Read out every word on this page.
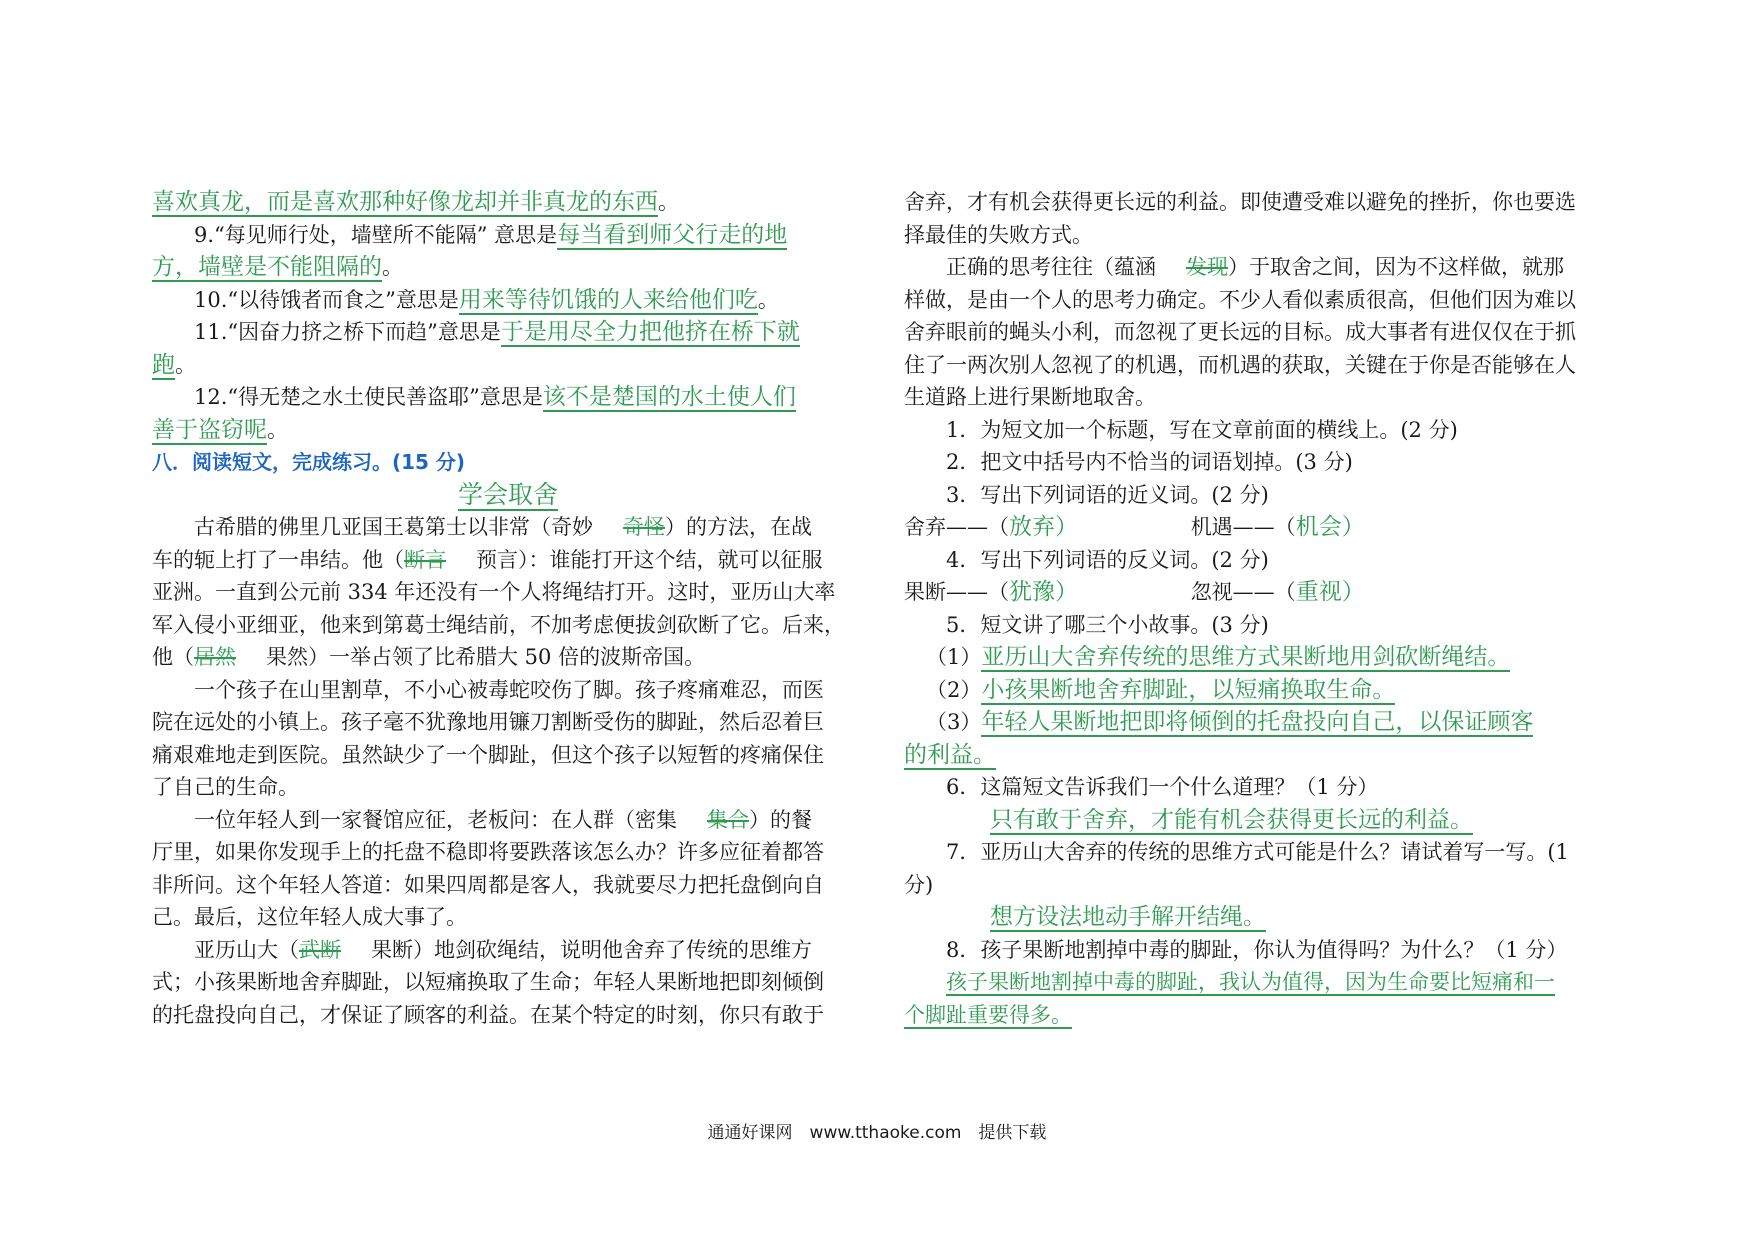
喜欢真龙，而是喜欢那种好像龙却并非真龙的东西。
9.“每见师行处，墙壁所不能隔” 意思是每当看到师父行走的地
方，墙壁是不能阻隔的。
10.“以待饿者而食之”意思是用来等待饥饿的人来给他们吃。
11.“因奋力挤之桥下而趋”意思是于是用尽全力把他挤在桥下就
跑。
12.“得无楚之水土使民善盗耶”意思是该不是楚国的水土使人们
善于盗窃呢。
八．阅读短文，完成练习。(15 分)
学会取舍
古希腊的佛里几亚国王葛第士以非常（奇妙 奇怪）的方法，在战
车的轭上打了一串结。他（断言 预言）：谁能打开这个结，就可以征服
亚洲。一直到公元前 334 年还没有一个人将绳结打开。这时，亚历山大率
军入侵小亚细亚，他来到第葛士绳结前，不加考虑便拔剑砍断了它。后来，
他（居然 果然）一举占领了比希腊大 50 倍的波斯帝国。
一个孩子在山里割草，不小心被毒蛇咬伤了脚。孩子疼痛难忍，而医
院在远处的小镇上。孩子毫不犹豫地用镰刀割断受伤的脚趾，然后忍着巨
痛艰难地走到医院。虽然缺少了一个脚趾，但这个孩子以短暂的疼痛保住
了自己的生命。
一位年轻人到一家餐馆应征，老板问：在人群（密集 集合）的餐
厅里，如果你发现手上的托盘不稳即将要跌落该怎么办？许多应征着都答
非所问。这个年轻人答道：如果四周都是客人，我就要尽力把托盘倒向自
己。最后，这位年轻人成大事了。
亚历山大（武断 果断）地剑砍绳结，说明他舍弃了传统的思维方
式；小孩果断地舍弃脚趾，以短痛换取了生命；年轻人果断地把即刻倾倒
的托盘投向自己，才保证了顾客的利益。在某个特定的时刻，你只有敢于
舍弃，才有机会获得更长远的利益。即使遭受难以避免的挫折，你也要选
择最佳的失败方式。
正确的思考往往（蕴涵 发现）于取舍之间，因为不这样做，就那
样做，是由一个人的思考力确定。不少人看似素质很高，但他们因为难以
舍弃眼前的蝇头小利，而忽视了更长远的目标。成大事者有进仅仅在于抓
住了一两次别人忽视了的机遇，而机遇的获取，关键在于你是否能够在人
生道路上进行果断地取舍。
1．为短文加一个标题，写在文章前面的横线上。(2 分)
2．把文中括号内不恰当的词语划掉。(3 分)
3．写出下列词语的近义词。(2 分)
舍弃——（放弃）	机遇——（机会）
4．写出下列词语的反义词。(2 分)
果断——（犹豫）	忽视——（重视）
5．短文讲了哪三个小故事。(3 分)
（1）亚历山大舍弃传统的思维方式果断地用剑砍断绳结。
（2）小孩果断地舍弃脚趾，以短痛换取生命。
（3）年轻人果断地把即将倾倒的托盘投向自己，以保证顾客
的利益。
6．这篇短文告诉我们一个什么道理？（1 分）
只有敢于舍弃，才能有机会获得更长远的利益。
7．亚历山大舍弃的传统的思维方式可能是什么？请试着写一写。(1
分)
想方设法地动手解开结绳。
8．孩子果断地割掉中毒的脚趾，你认为值得吗？为什么？（1 分）
孩子果断地割掉中毒的脚趾，我认为值得，因为生命要比短痛和一
个脚趾重要得多。
通通好课网　www.tthaoke.com　提供下载
